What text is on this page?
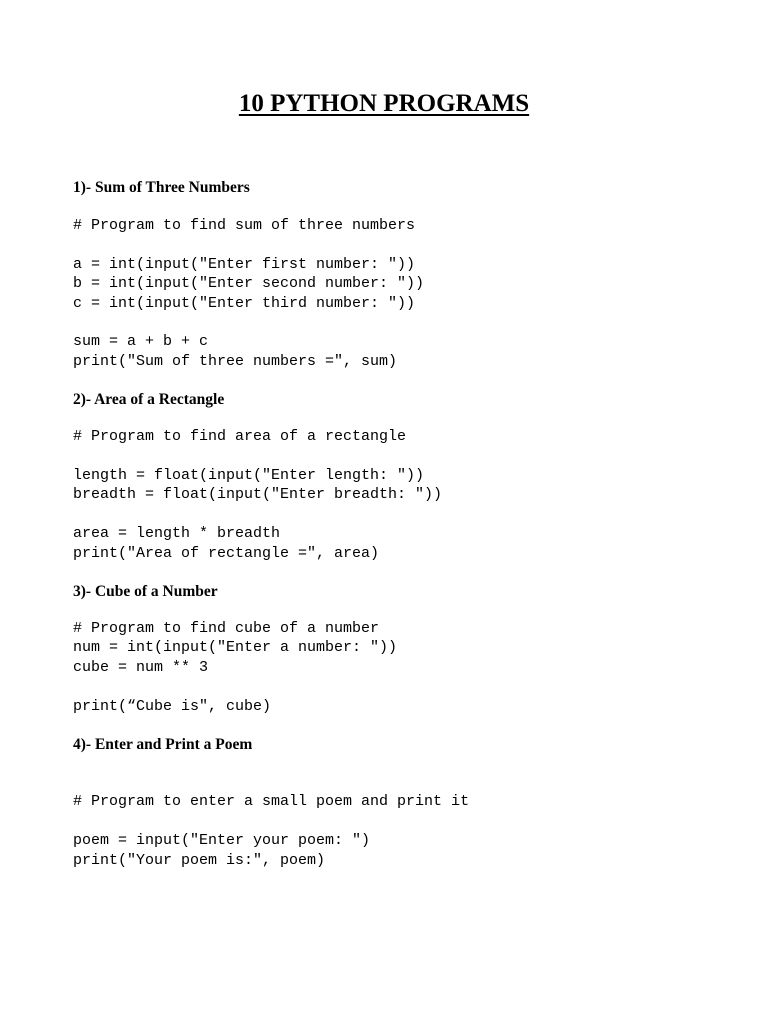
10 PYTHON PROGRAMS
1)- Sum of Three Numbers
# Program to find sum of three numbers
a = int(input("Enter first number: "))
b = int(input("Enter second number: "))
c = int(input("Enter third number: "))
sum = a + b + c
print("Sum of three numbers =", sum)
2)- Area of a Rectangle
# Program to find area of a rectangle
length = float(input("Enter length: "))
breadth = float(input("Enter breadth: "))
area = length * breadth
print("Area of rectangle =", area)
3)- Cube of a Number
# Program to find cube of a number
num = int(input("Enter a number: "))
cube = num ** 3
print(“Cube is", cube)
4)- Enter and Print a Poem
# Program to enter a small poem and print it
poem = input("Enter your poem: ")
print("Your poem is:", poem)
